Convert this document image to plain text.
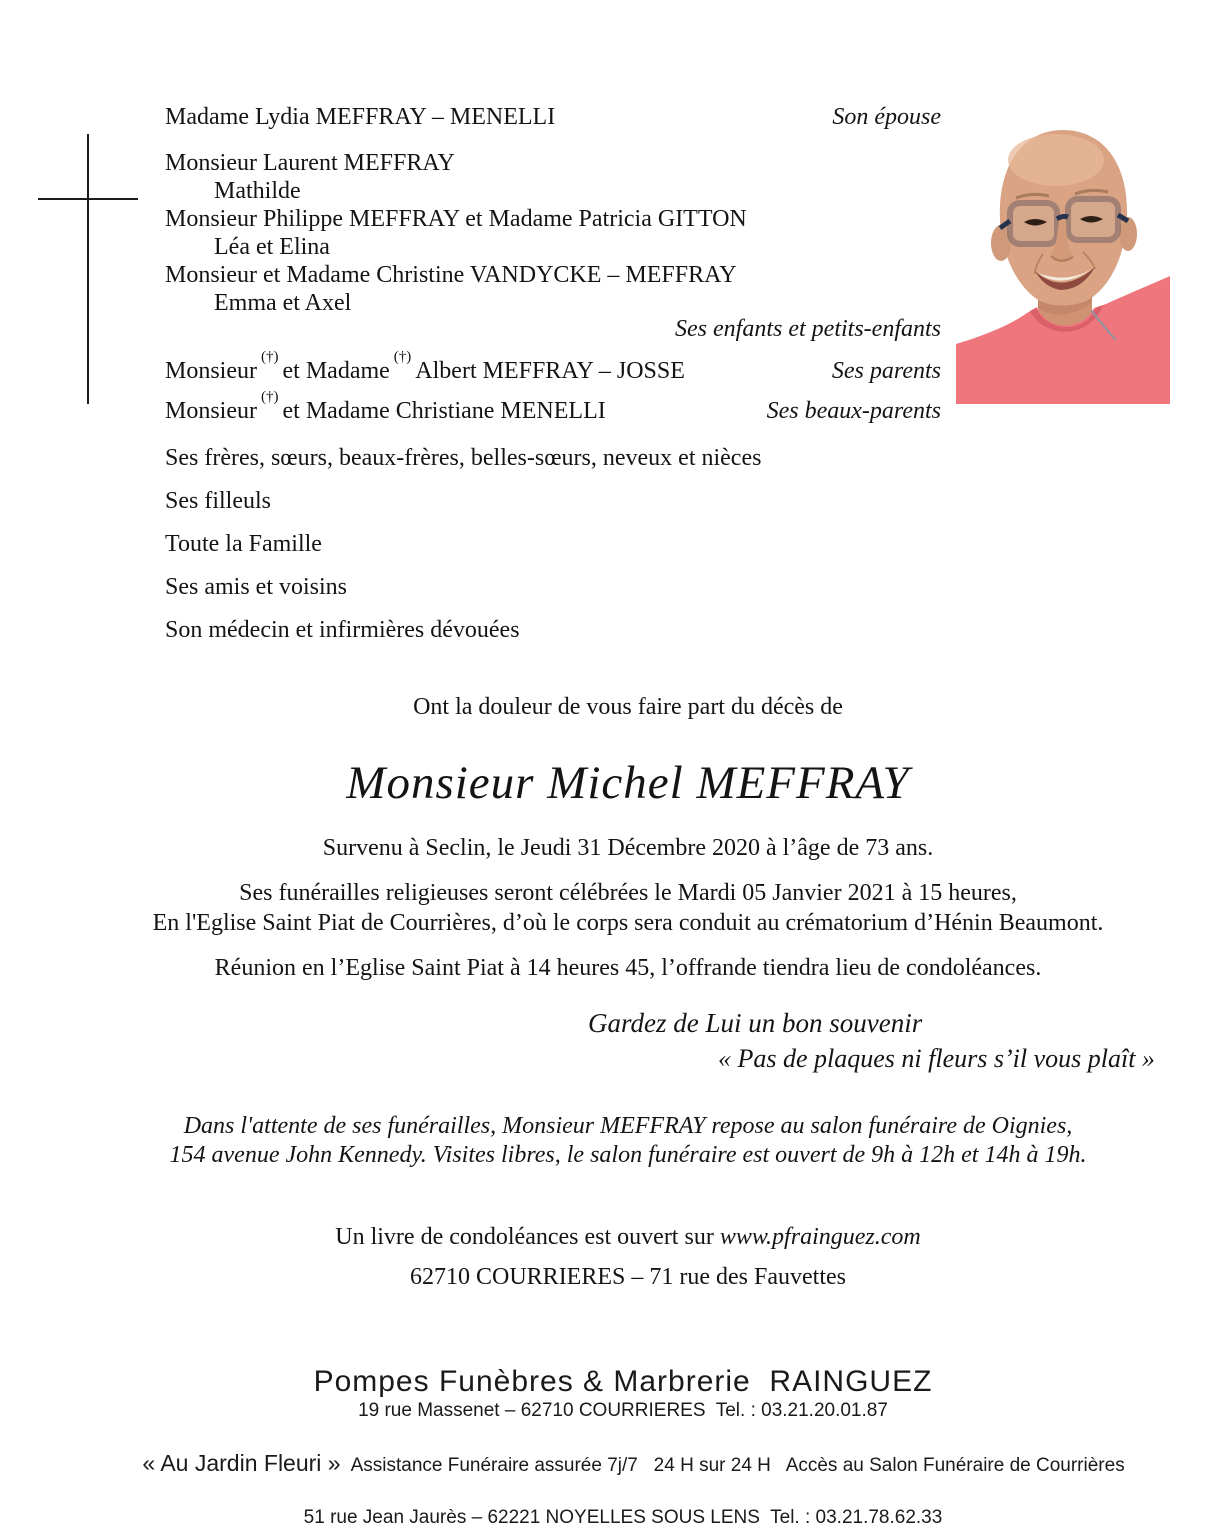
Madame Lydia MEFFRAY – MENELLI	Son épouse
Monsieur Laurent MEFFRAY
Mathilde
Monsieur Philippe MEFFRAY et Madame Patricia GITTON
Léa et Elina
Monsieur et Madame Christine VANDYCKE – MEFFRAY
Emma et Axel
Ses enfants et petits-enfants
Monsieur(†)et Madame(†)Albert MEFFRAY – JOSSE	Ses parents
Monsieur(†)et Madame Christiane MENELLI	Ses beaux-parents
Ses frères, sœurs, beaux-frères, belles-sœurs, neveux et nièces
Ses filleuls
Toute la Famille
Ses amis et voisins
Son médecin et infirmières dévouées
Ont la douleur de vous faire part du décès de
Monsieur Michel MEFFRAY
Survenu à Seclin, le Jeudi 31 Décembre 2020 à l’âge de 73 ans.
Ses funérailles religieuses seront célébrées le Mardi 05 Janvier 2021 à 15 heures,
En l'Eglise Saint Piat de Courrières, d’où le corps sera conduit au crématorium d’Hénin Beaumont.
Réunion en l’Eglise Saint Piat à 14 heures 45, l’offrande tiendra lieu de condoléances.
Gardez de Lui un bon souvenir
« Pas de plaques ni fleurs s’il vous plaît »
Dans l'attente de ses funérailles, Monsieur MEFFRAY repose au salon funéraire de Oignies,
154 avenue John Kennedy. Visites libres, le salon funéraire est ouvert de 9h à 12h et 14h à 19h.
Un livre de condoléances est ouvert sur www.pfrainguez.com
62710 COURRIERES – 71 rue des Fauvettes
Pompes Funèbres & Marbrerie  RAINGUEZ
19 rue Massenet – 62710 COURRIERES  Tel. : 03.21.20.01.87

« Au Jardin Fleuri » Assistance Funéraire assurée 7j/7   24 H sur 24 H   Accès au Salon Funéraire de Courrières

51 rue Jean Jaurès – 62221 NOYELLES SOUS LENS  Tel. : 03.21.78.62.33
